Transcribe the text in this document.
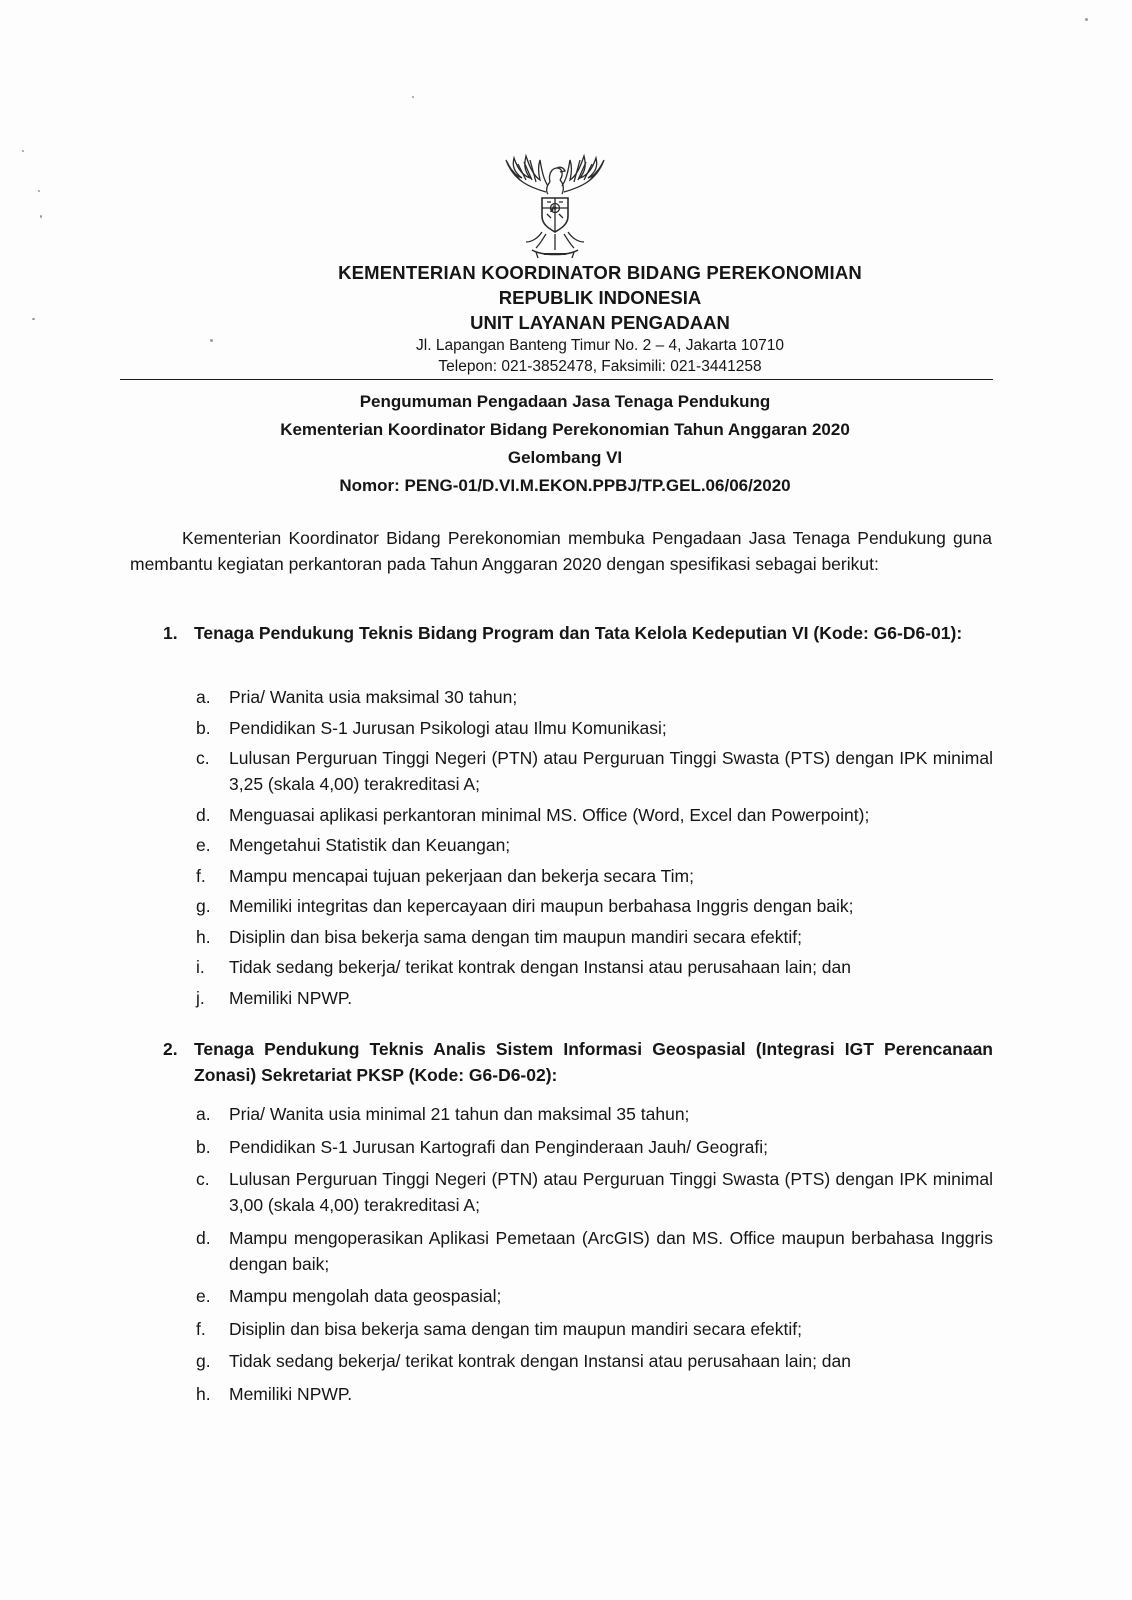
KEMENTERIAN KOORDINATOR BIDANG PEREKONOMIAN
REPUBLIK INDONESIA
UNIT LAYANAN PENGADAAN
Jl. Lapangan Banteng Timur No. 2 – 4, Jakarta 10710
Telepon: 021-3852478, Faksimili: 021-3441258
Pengumuman Pengadaan Jasa Tenaga Pendukung
Kementerian Koordinator Bidang Perekonomian Tahun Anggaran 2020
Gelombang VI
Nomor: PENG-01/D.VI.M.EKON.PPBJ/TP.GEL.06/06/2020
Kementerian Koordinator Bidang Perekonomian membuka Pengadaan Jasa Tenaga Pendukung guna membantu kegiatan perkantoran pada Tahun Anggaran 2020 dengan spesifikasi sebagai berikut:
1. Tenaga Pendukung Teknis Bidang Program dan Tata Kelola Kedeputian VI (Kode: G6-D6-01):
a. Pria/ Wanita usia maksimal 30 tahun;
b. Pendidikan S-1 Jurusan Psikologi atau Ilmu Komunikasi;
c. Lulusan Perguruan Tinggi Negeri (PTN) atau Perguruan Tinggi Swasta (PTS) dengan IPK minimal 3,25 (skala 4,00) terakreditasi A;
d. Menguasai aplikasi perkantoran minimal MS. Office (Word, Excel dan Powerpoint);
e. Mengetahui Statistik dan Keuangan;
f. Mampu mencapai tujuan pekerjaan dan bekerja secara Tim;
g. Memiliki integritas dan kepercayaan diri maupun berbahasa Inggris dengan baik;
h. Disiplin dan bisa bekerja sama dengan tim maupun mandiri secara efektif;
i. Tidak sedang bekerja/ terikat kontrak dengan Instansi atau perusahaan lain; dan
j. Memiliki NPWP.
2. Tenaga Pendukung Teknis Analis Sistem Informasi Geospasial (Integrasi IGT Perencanaan Zonasi) Sekretariat PKSP (Kode: G6-D6-02):
a. Pria/ Wanita usia minimal 21 tahun dan maksimal 35 tahun;
b. Pendidikan S-1 Jurusan Kartografi dan Penginderaan Jauh/ Geografi;
c. Lulusan Perguruan Tinggi Negeri (PTN) atau Perguruan Tinggi Swasta (PTS) dengan IPK minimal 3,00 (skala 4,00) terakreditasi A;
d. Mampu mengoperasikan Aplikasi Pemetaan (ArcGIS) dan MS. Office maupun berbahasa Inggris dengan baik;
e. Mampu mengolah data geospasial;
f. Disiplin dan bisa bekerja sama dengan tim maupun mandiri secara efektif;
g. Tidak sedang bekerja/ terikat kontrak dengan Instansi atau perusahaan lain; dan
h. Memiliki NPWP.
